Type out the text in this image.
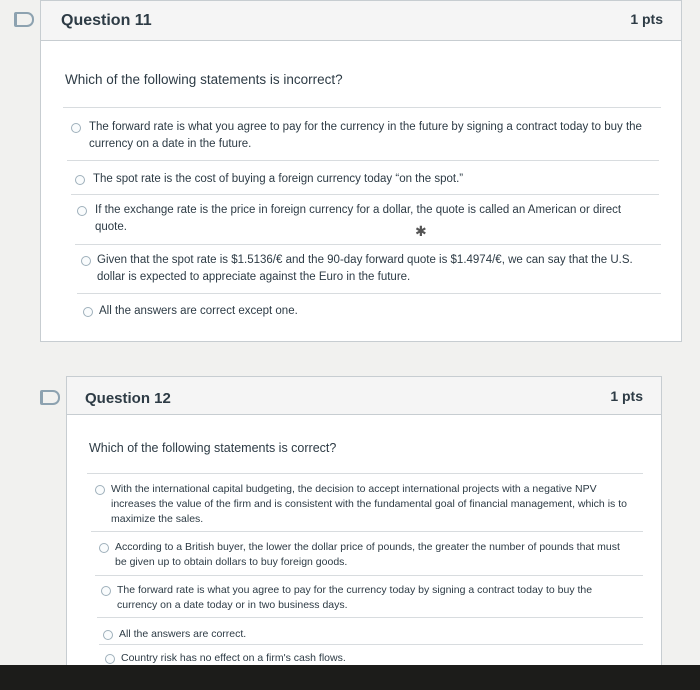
Question 11	1 pts
Which of the following statements is incorrect?
The forward rate is what you agree to pay for the currency in the future by signing a contract today to buy the currency on a date in the future.
The spot rate is the cost of buying a foreign currency today “on the spot.”
If the exchange rate is the price in foreign currency for a dollar, the quote is called an American or direct quote.	✱
Given that the spot rate is $1.5136/€ and the 90-day forward quote is $1.4974/€, we can say that the U.S. dollar is expected to appreciate against the Euro in the future.
All the answers are correct except one.
Question 12	1 pts
Which of the following statements is correct?
With the international capital budgeting, the decision to accept international projects with a negative NPV increases the value of the firm and is consistent with the fundamental goal of financial management, which is to maximize the sales.
According to a British buyer, the lower the dollar price of pounds, the greater the number of pounds that must be given up to obtain dollars to buy foreign goods.
The forward rate is what you agree to pay for the currency today by signing a contract today to buy the currency on a date today or in two business days.
All the answers are correct.
Country risk has no effect on a firm's cash flows.
